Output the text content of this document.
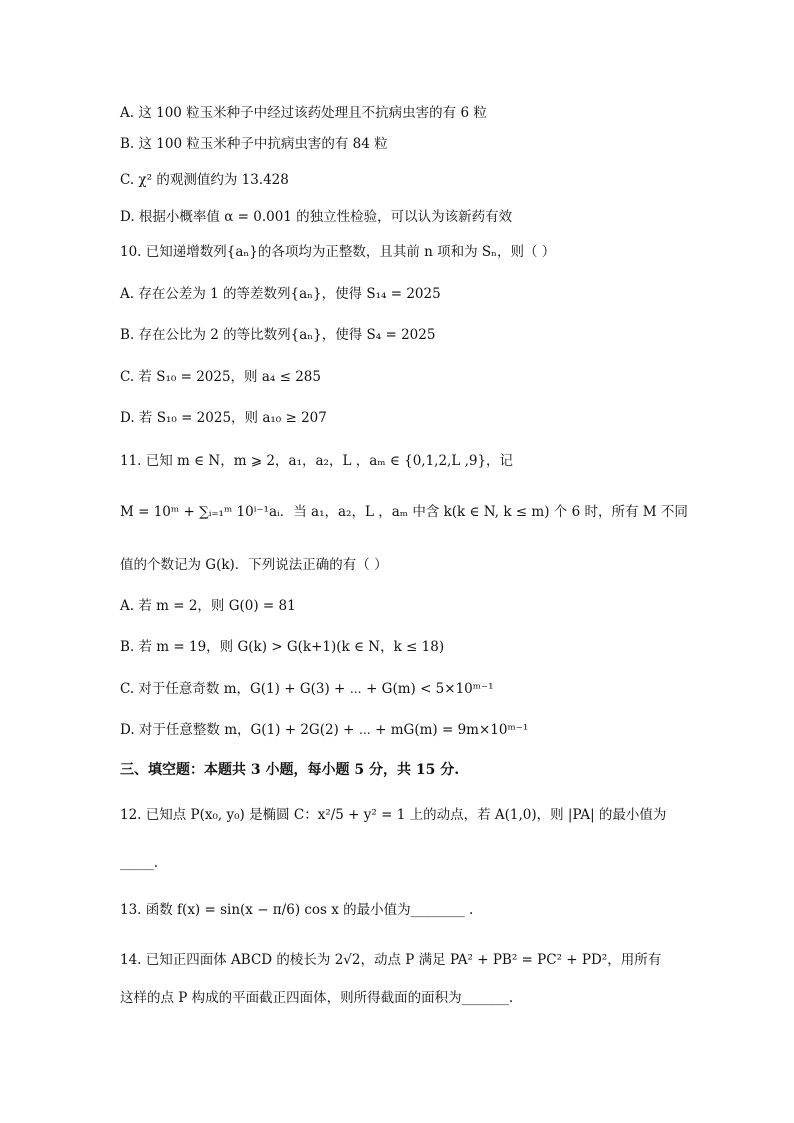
A. 这 100 粒玉米种子中经过该药处理且不抗病虫害的有 6 粒
B. 这 100 粒玉米种子中抗病虫害的有 84 粒
C. χ² 的观测值约为 13.428
D. 根据小概率值 α = 0.001 的独立性检验，可以认为该新药有效
10. 已知递增数列{aₙ}的各项均为正整数，且其前 n 项和为 Sₙ，则（ ）
A. 存在公差为 1 的等差数列{aₙ}，使得 S₁₄ = 2025
B. 存在公比为 2 的等比数列{aₙ}，使得 S₄ = 2025
C. 若 S₁₀ = 2025，则 a₄ ≤ 285
D. 若 S₁₀ = 2025，则 a₁₀ ≥ 207
11. 已知 m ∈ N，m ⩾ 2，a₁，a₂，L ，aₘ ∈ {0,1,2,L ,9}，记
M = 10ᵐ + ∑ᵢ₌₁ᵐ 10ⁱ⁻¹aᵢ．当 a₁，a₂，L ，aₘ 中含 k(k ∈ N, k ≤ m) 个 6 时，所有 M 不同
值的个数记为 G(k)．下列说法正确的有（ ）
A. 若 m = 2，则 G(0) = 81
B. 若 m = 19，则 G(k) > G(k+1)(k ∈ N，k ≤ 18)
C. 对于任意奇数 m，G(1) + G(3) + ⋯ + G(m) < 5×10ᵐ⁻¹
D. 对于任意整数 m，G(1) + 2G(2) + ⋯ + mG(m) = 9m×10ᵐ⁻¹
三、填空题：本题共 3 小题，每小题 5 分，共 15 分.
12. 已知点 P(x₀, y₀) 是椭圆 C：x²/5 + y² = 1 上的动点，若 A(1,0)，则 |PA| 的最小值为
_____.
13. 函数 f(x) = sin(x − π/6) cos x 的最小值为________ .
14. 已知正四面体 ABCD 的棱长为 2√2，动点 P 满足 PA² + PB² = PC² + PD²，用所有
这样的点 P 构成的平面截正四面体，则所得截面的面积为_______.
